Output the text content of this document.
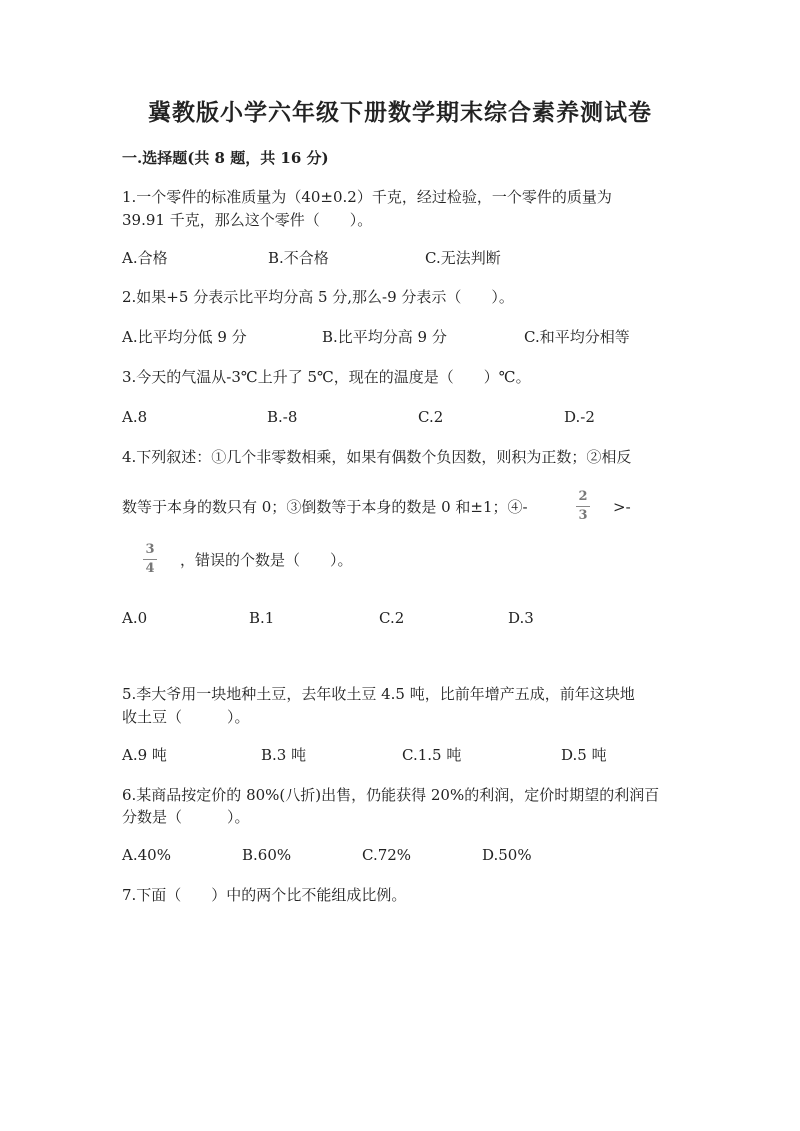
冀教版小学六年级下册数学期末综合素养测试卷
一.选择题(共 8 题，共 16 分)
1.一个零件的标准质量为（40±0.2）千克，经过检验，一个零件的质量为
39.91 千克，那么这个零件（　　）。
A.合格	B.不合格	C.无法判断
2.如果+5 分表示比平均分高 5 分,那么-9 分表示（　　）。
A.比平均分低 9 分	B.比平均分高 9 分	C.和平均分相等
3.今天的气温从-3℃上升了 5℃，现在的温度是（　　）℃。
A.8	B.-8	C.2	D.-2
4.下列叙述：①几个非零数相乘，如果有偶数个负因数，则积为正数；②相反
数等于本身的数只有 0；③倒数等于本身的数是 0 和±1；④-
2
3 >-
3
4 ，错误的个数是（　　）。
A.0	B.1	C.2	D.3
5.李大爷用一块地种土豆，去年收土豆 4.5 吨，比前年增产五成，前年这块地
收土豆（　　　）。
A.9 吨	B.3 吨	C.1.5 吨	D.5 吨
6.某商品按定价的 80%(八折)出售，仍能获得 20%的利润，定价时期望的利润百
分数是（　　　）。
A.40%	B.60%	C.72%	D.50%
7.下面（　　）中的两个比不能组成比例。
